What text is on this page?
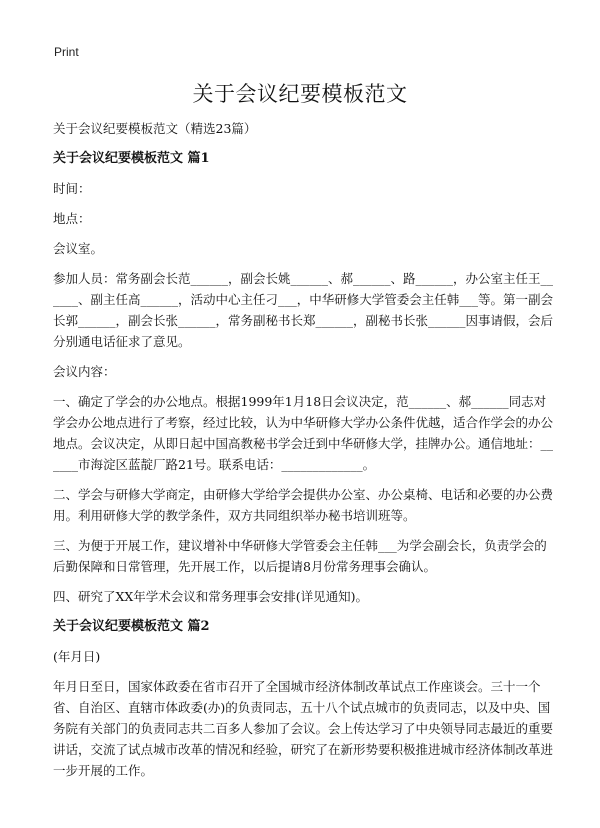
Print
关于会议纪要模板范文

关于会议纪要模板范文（精选23篇）

关于会议纪要模板范文 篇1

时间：

地点：

会议室。

参加人员：常务副会长范______，副会长姚______、郝______、路______，办公室主任王______、副主任高______，活动中心主任刁___，中华研修大学管委会主任韩___等。第一副会长郭______，副会长张______，常务副秘书长郑______，副秘书长张______因事请假，会后分别通电话征求了意见。

会议内容：

一、确定了学会的办公地点。根据1999年1月18日会议决定，范______、郝______同志对学会办公地点进行了考察，经过比较，认为中华研修大学办公条件优越，适合作学会的办公地点。会议决定，从即日起中国高教秘书学会迁到中华研修大学，挂牌办公。通信地址：______市海淀区蓝靛厂路21号。联系电话：_____________。

二、学会与研修大学商定，由研修大学给学会提供办公室、办公桌椅、电话和必要的办公费用。利用研修大学的教学条件，双方共同组织举办秘书培训班等。

三、为便于开展工作，建议增补中华研修大学管委会主任韩___为学会副会长，负责学会的后勤保障和日常管理，先开展工作，以后提请8月份常务理事会确认。

四、研究了XX年学术会议和常务理事会安排(详见通知)。

关于会议纪要模板范文 篇2

(年月日)

年月日至日，国家体政委在省市召开了全国城市经济体制改革试点工作座谈会。三十一个省、自治区、直辖市体政委(办)的负责同志，五十八个试点城市的负责同志，以及中央、国务院有关部门的负责同志共二百多人参加了会议。会上传达学习了中央领导同志最近的重要讲话，交流了试点城市改革的情况和经验，研究了在新形势要积极推进城市经济体制改革进一步开展的工作。
